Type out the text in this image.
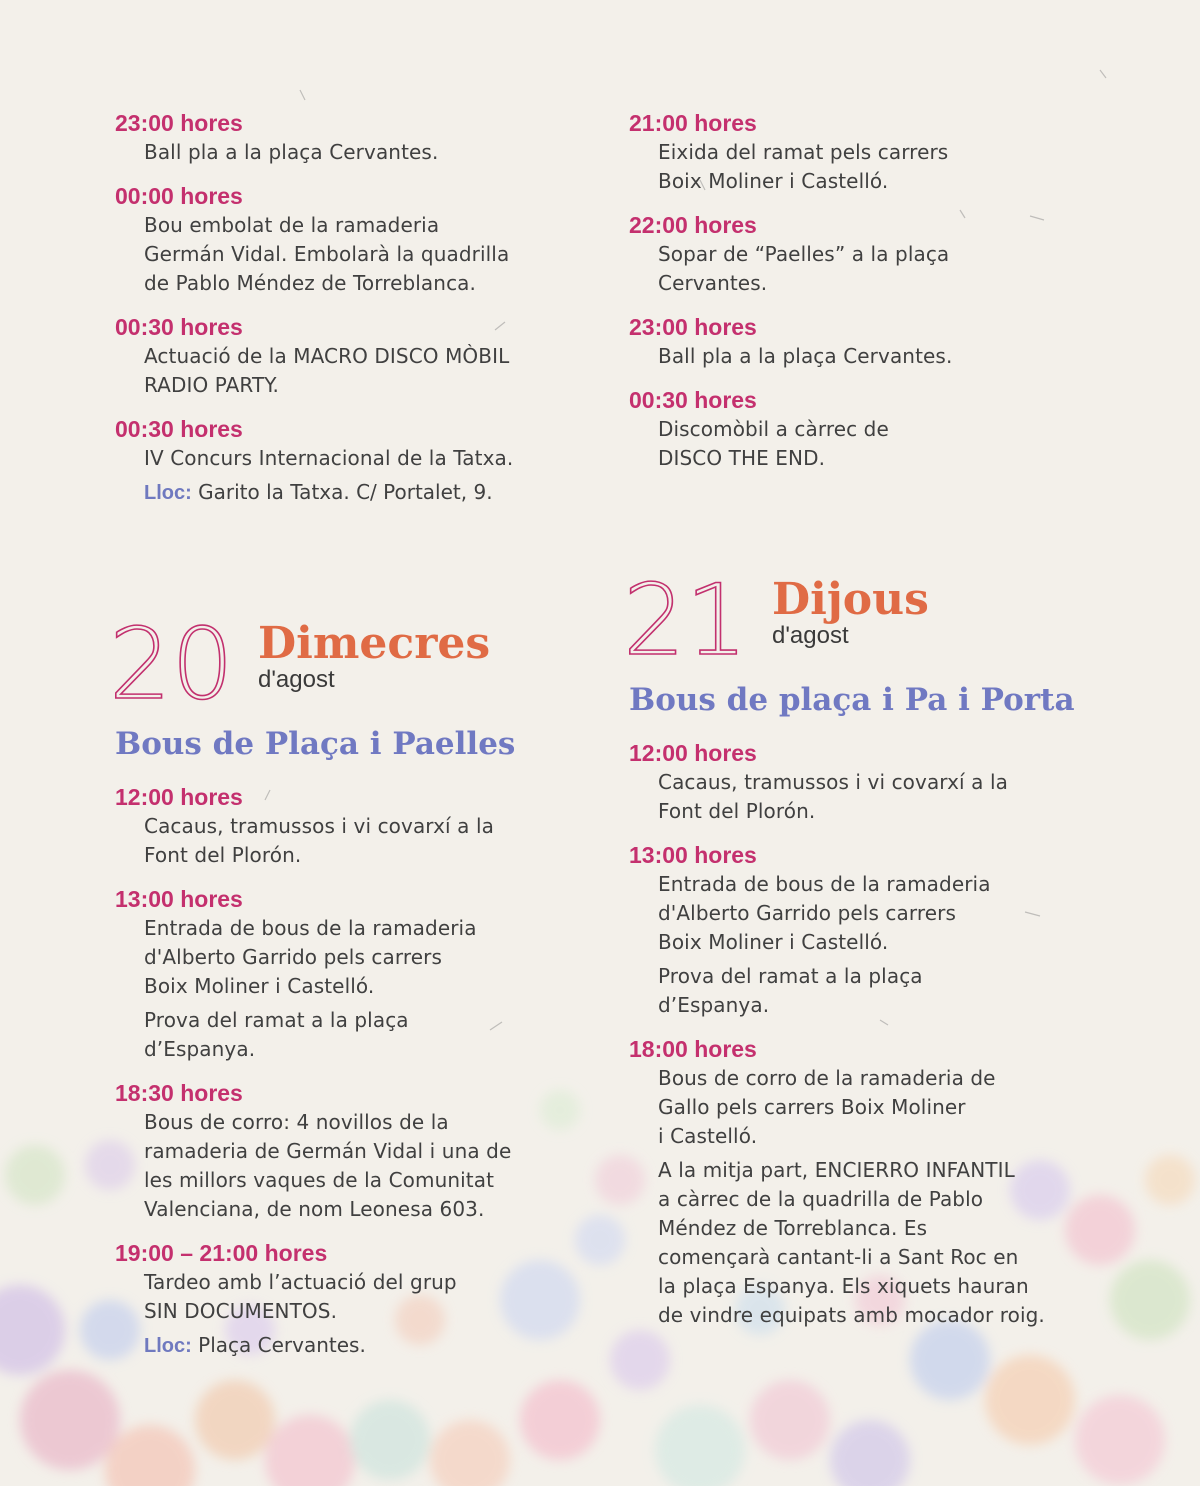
23:00 hores
Ball pla a la plaça Cervantes.
00:00 hores
Bou embolat de la ramaderia
Germán Vidal. Embolarà la quadrilla
de Pablo Méndez de Torreblanca.
00:30 hores
Actuació de la MACRO DISCO MÒBIL
RADIO PARTY.
00:30 hores
IV Concurs Internacional de la Tatxa.
Lloc: Garito la Tatxa. C/ Portalet, 9.
21:00 hores
Eixida del ramat pels carrers
Boix Moliner i Castelló.
22:00 hores
Sopar de “Paelles” a la plaça
Cervantes.
23:00 hores
Ball pla a la plaça Cervantes.
00:30 hores
Discomòbil a càrrec de
DISCO THE END.
20 Dimecres
d'agost
Bous de Plaça i Paelles
12:00 hores
Cacaus, tramussos i vi covarxí a la
Font del Plorón.
13:00 hores
Entrada de bous de la ramaderia
d'Alberto Garrido pels carrers
Boix Moliner i Castelló.
Prova del ramat a la plaça
d’Espanya.
18:30 hores
Bous de corro: 4 novillos de la
ramaderia de Germán Vidal i una de
les millors vaques de la Comunitat
Valenciana, de nom Leonesa 603.
19:00 – 21:00 hores
Tardeo amb l’actuació del grup
SIN DOCUMENTOS.
Lloc: Plaça Cervantes.
21 Dijous
d'agost
Bous de plaça i Pa i Porta
12:00 hores
Cacaus, tramussos i vi covarxí a la
Font del Plorón.
13:00 hores
Entrada de bous de la ramaderia
d'Alberto Garrido pels carrers
Boix Moliner i Castelló.
Prova del ramat a la plaça
d’Espanya.
18:00 hores
Bous de corro de la ramaderia de
Gallo pels carrers Boix Moliner
i Castelló.
A la mitja part, ENCIERRO INFANTIL
a càrrec de la quadrilla de Pablo
Méndez de Torreblanca. Es
començarà cantant-li a Sant Roc en
la plaça Espanya. Els xiquets hauran
de vindre equipats amb mocador roig.
